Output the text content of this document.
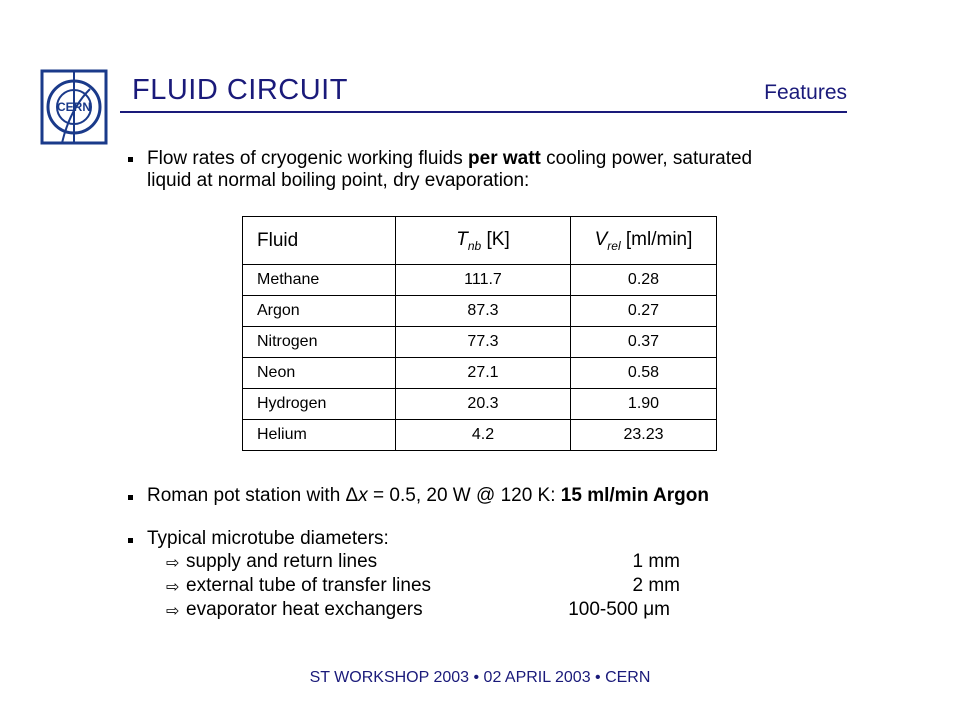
CERN
FLUID CIRCUIT	Features
Flow rates of cryogenic working fluids per watt cooling power, saturated
liquid at normal boiling point, dry evaporation:
Fluid	$T_{nb}$ [K]	$V_{rel}$ [ml/min]
Methane	111.7	0.28
Argon	87.3	0.27
Nitrogen	77.3	0.37
Neon	27.1	0.58
Hydrogen	20.3	1.90
Helium	4.2	23.23
Roman pot station with Δx = 0.5, 20 W @ 120 K: 15 ml/min Argon
Typical microtube diameters:
⇨ supply and return lines	1 mm
⇨ external tube of transfer lines	2 mm
⇨ evaporator heat exchangers	100-500 μm
ST WORKSHOP 2003 • 02 APRIL 2003 • CERN
